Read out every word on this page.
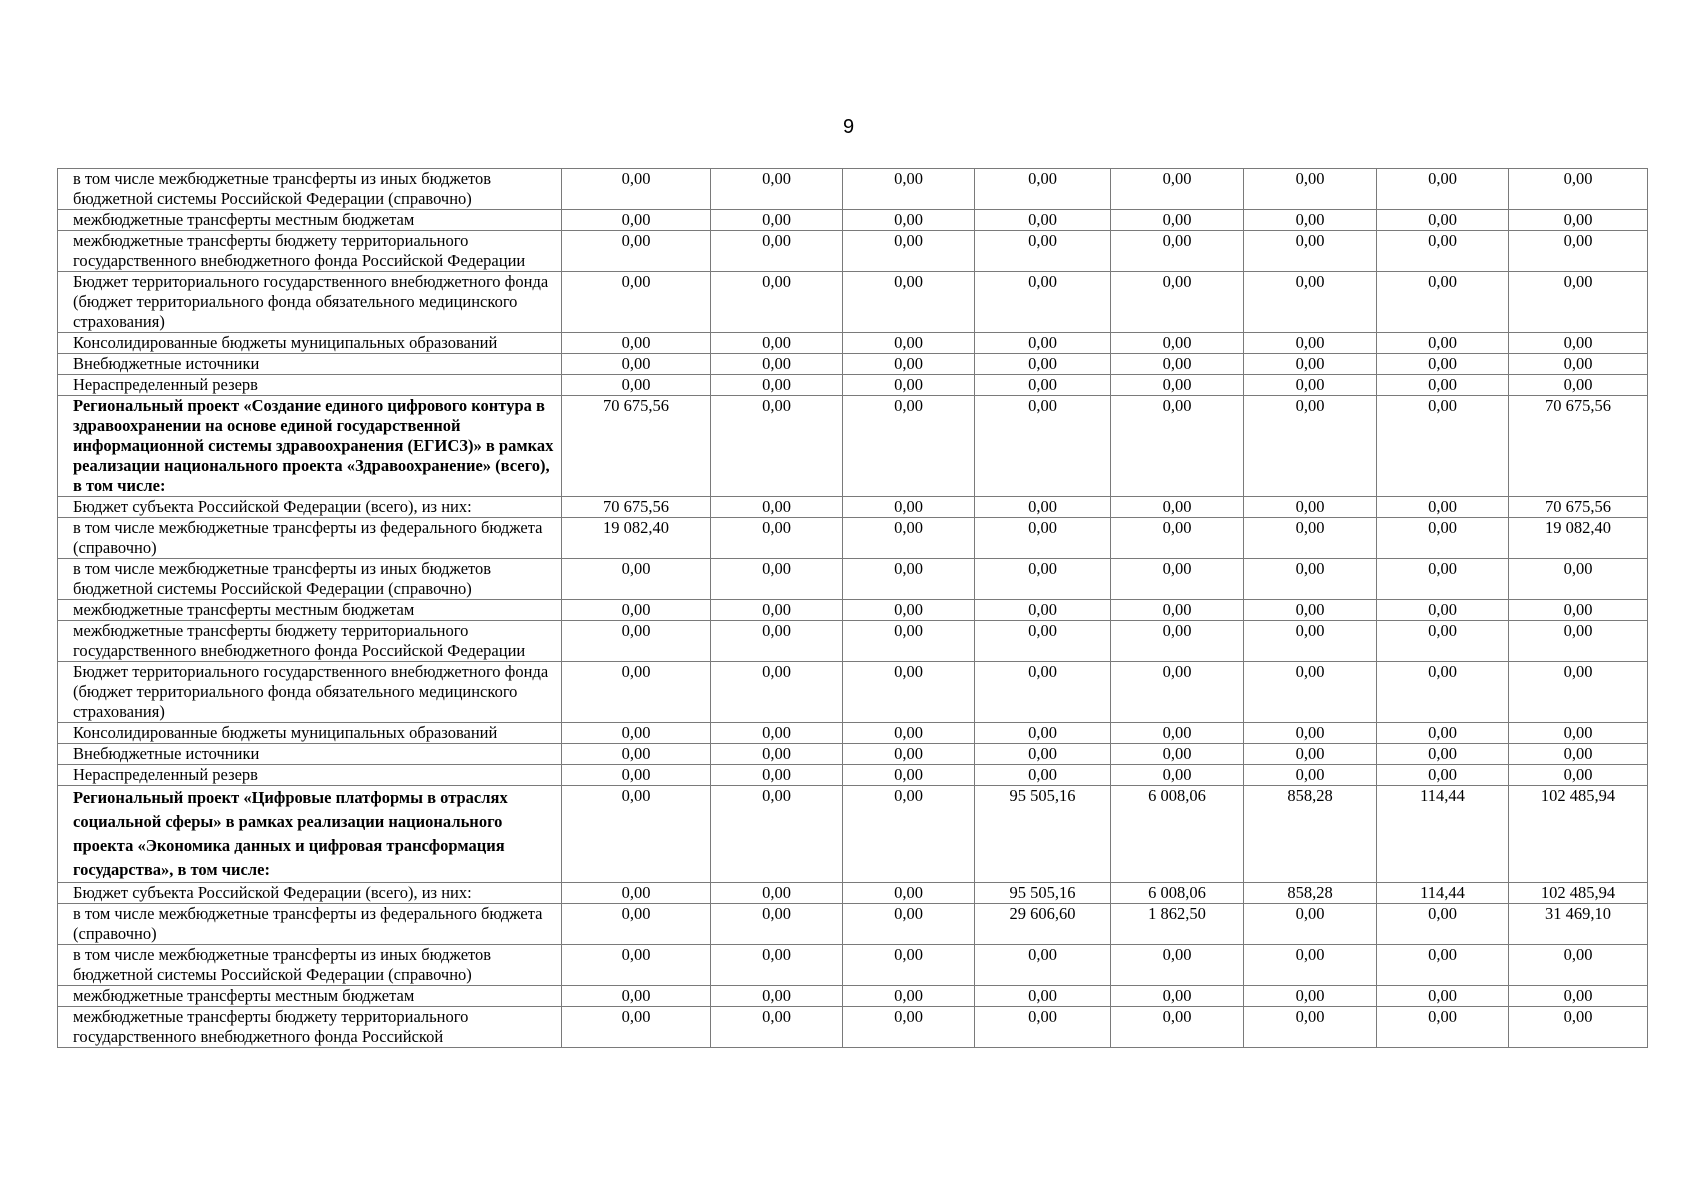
9
в том числе межбюджетные трансферты из иных бюджетов бюджетной системы Российской Федерации (справочно)	0,00	0,00	0,00	0,00	0,00	0,00	0,00	0,00
межбюджетные трансферты местным бюджетам	0,00	0,00	0,00	0,00	0,00	0,00	0,00	0,00
межбюджетные трансферты бюджету территориального государственного внебюджетного фонда Российской Федерации	0,00	0,00	0,00	0,00	0,00	0,00	0,00	0,00
Бюджет территориального государственного внебюджетного фонда (бюджет территориального фонда обязательного медицинского страхования)	0,00	0,00	0,00	0,00	0,00	0,00	0,00	0,00
Консолидированные бюджеты муниципальных образований	0,00	0,00	0,00	0,00	0,00	0,00	0,00	0,00
Внебюджетные источники	0,00	0,00	0,00	0,00	0,00	0,00	0,00	0,00
Нераспределенный резерв	0,00	0,00	0,00	0,00	0,00	0,00	0,00	0,00
Региональный проект «Создание единого цифрового контура в здравоохранении на основе единой государственной информационной системы здравоохранения (ЕГИСЗ)» в рамках реализации национального проекта «Здравоохранение» (всего), в том числе:	70 675,56	0,00	0,00	0,00	0,00	0,00	0,00	70 675,56
Бюджет субъекта Российской Федерации (всего), из них:	70 675,56	0,00	0,00	0,00	0,00	0,00	0,00	70 675,56
в том числе межбюджетные трансферты из федерального бюджета (справочно)	19 082,40	0,00	0,00	0,00	0,00	0,00	0,00	19 082,40
в том числе межбюджетные трансферты из иных бюджетов бюджетной системы Российской Федерации (справочно)	0,00	0,00	0,00	0,00	0,00	0,00	0,00	0,00
межбюджетные трансферты местным бюджетам	0,00	0,00	0,00	0,00	0,00	0,00	0,00	0,00
межбюджетные трансферты бюджету территориального государственного внебюджетного фонда Российской Федерации	0,00	0,00	0,00	0,00	0,00	0,00	0,00	0,00
Бюджет территориального государственного внебюджетного фонда (бюджет территориального фонда обязательного медицинского страхования)	0,00	0,00	0,00	0,00	0,00	0,00	0,00	0,00
Консолидированные бюджеты муниципальных образований	0,00	0,00	0,00	0,00	0,00	0,00	0,00	0,00
Внебюджетные источники	0,00	0,00	0,00	0,00	0,00	0,00	0,00	0,00
Нераспределенный резерв	0,00	0,00	0,00	0,00	0,00	0,00	0,00	0,00
Региональный проект «Цифровые платформы в отраслях социальной сферы» в рамках реализации национального проекта «Экономика данных и цифровая трансформация государства», в том числе:	0,00	0,00	0,00	95 505,16	6 008,06	858,28	114,44	102 485,94
Бюджет субъекта Российской Федерации (всего), из них:	0,00	0,00	0,00	95 505,16	6 008,06	858,28	114,44	102 485,94
в том числе межбюджетные трансферты из федерального бюджета (справочно)	0,00	0,00	0,00	29 606,60	1 862,50	0,00	0,00	31 469,10
в том числе межбюджетные трансферты из иных бюджетов бюджетной системы Российской Федерации (справочно)	0,00	0,00	0,00	0,00	0,00	0,00	0,00	0,00
межбюджетные трансферты местным бюджетам	0,00	0,00	0,00	0,00	0,00	0,00	0,00	0,00
межбюджетные трансферты бюджету территориального государственного внебюджетного фонда Российской	0,00	0,00	0,00	0,00	0,00	0,00	0,00	0,00
